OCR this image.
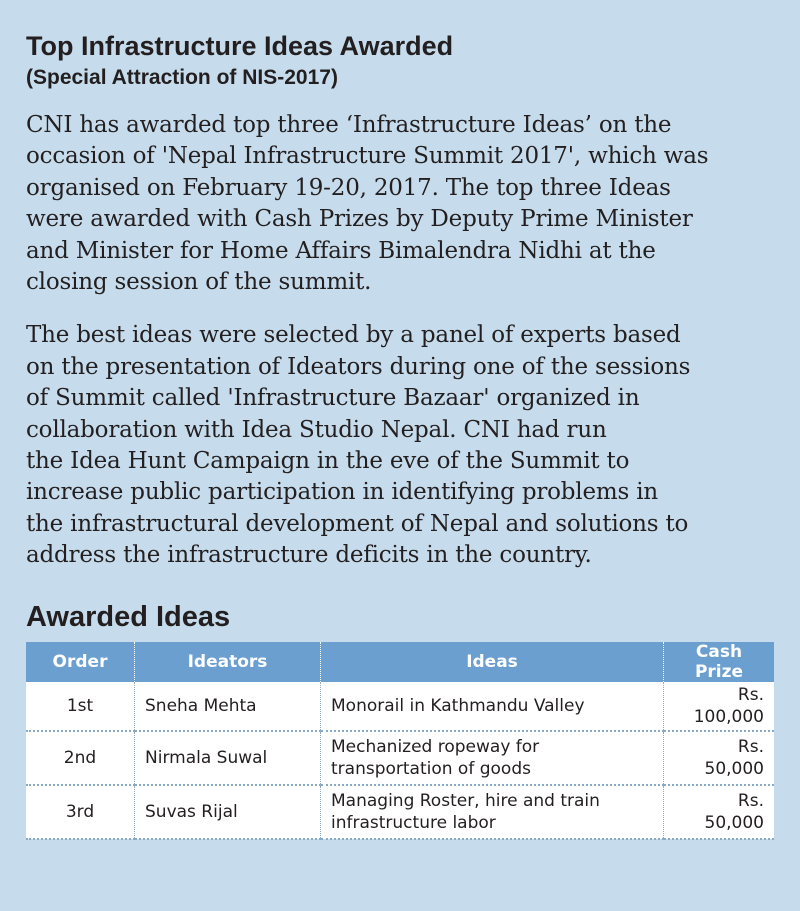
Top Infrastructure Ideas Awarded
(Special Attraction of NIS-2017)

CNI has awarded top three ‘Infrastructure Ideas’ on the
occasion of 'Nepal Infrastructure Summit 2017', which was
organised on February 19-20, 2017. The top three Ideas
were awarded with Cash Prizes by Deputy Prime Minister
and Minister for Home Affairs Bimalendra Nidhi at the
closing session of the summit.

The best ideas were selected by a panel of experts based
on the presentation of Ideators during one of the sessions
of Summit called 'Infrastructure Bazaar' organized in
collaboration with Idea Studio Nepal. CNI had run
the Idea Hunt Campaign in the eve of the Summit to
increase public participation in identifying problems in
the infrastructural development of Nepal and solutions to
address the infrastructure deficits in the country.

Awarded Ideas
Order	Ideators	Ideas	Cash Prize
1st	Sneha Mehta	Monorail in Kathmandu Valley	Rs. 100,000
2nd	Nirmala Suwal	Mechanized ropeway for transportation of goods	Rs. 50,000
3rd	Suvas Rijal	Managing Roster, hire and train infrastructure labor	Rs. 50,000
